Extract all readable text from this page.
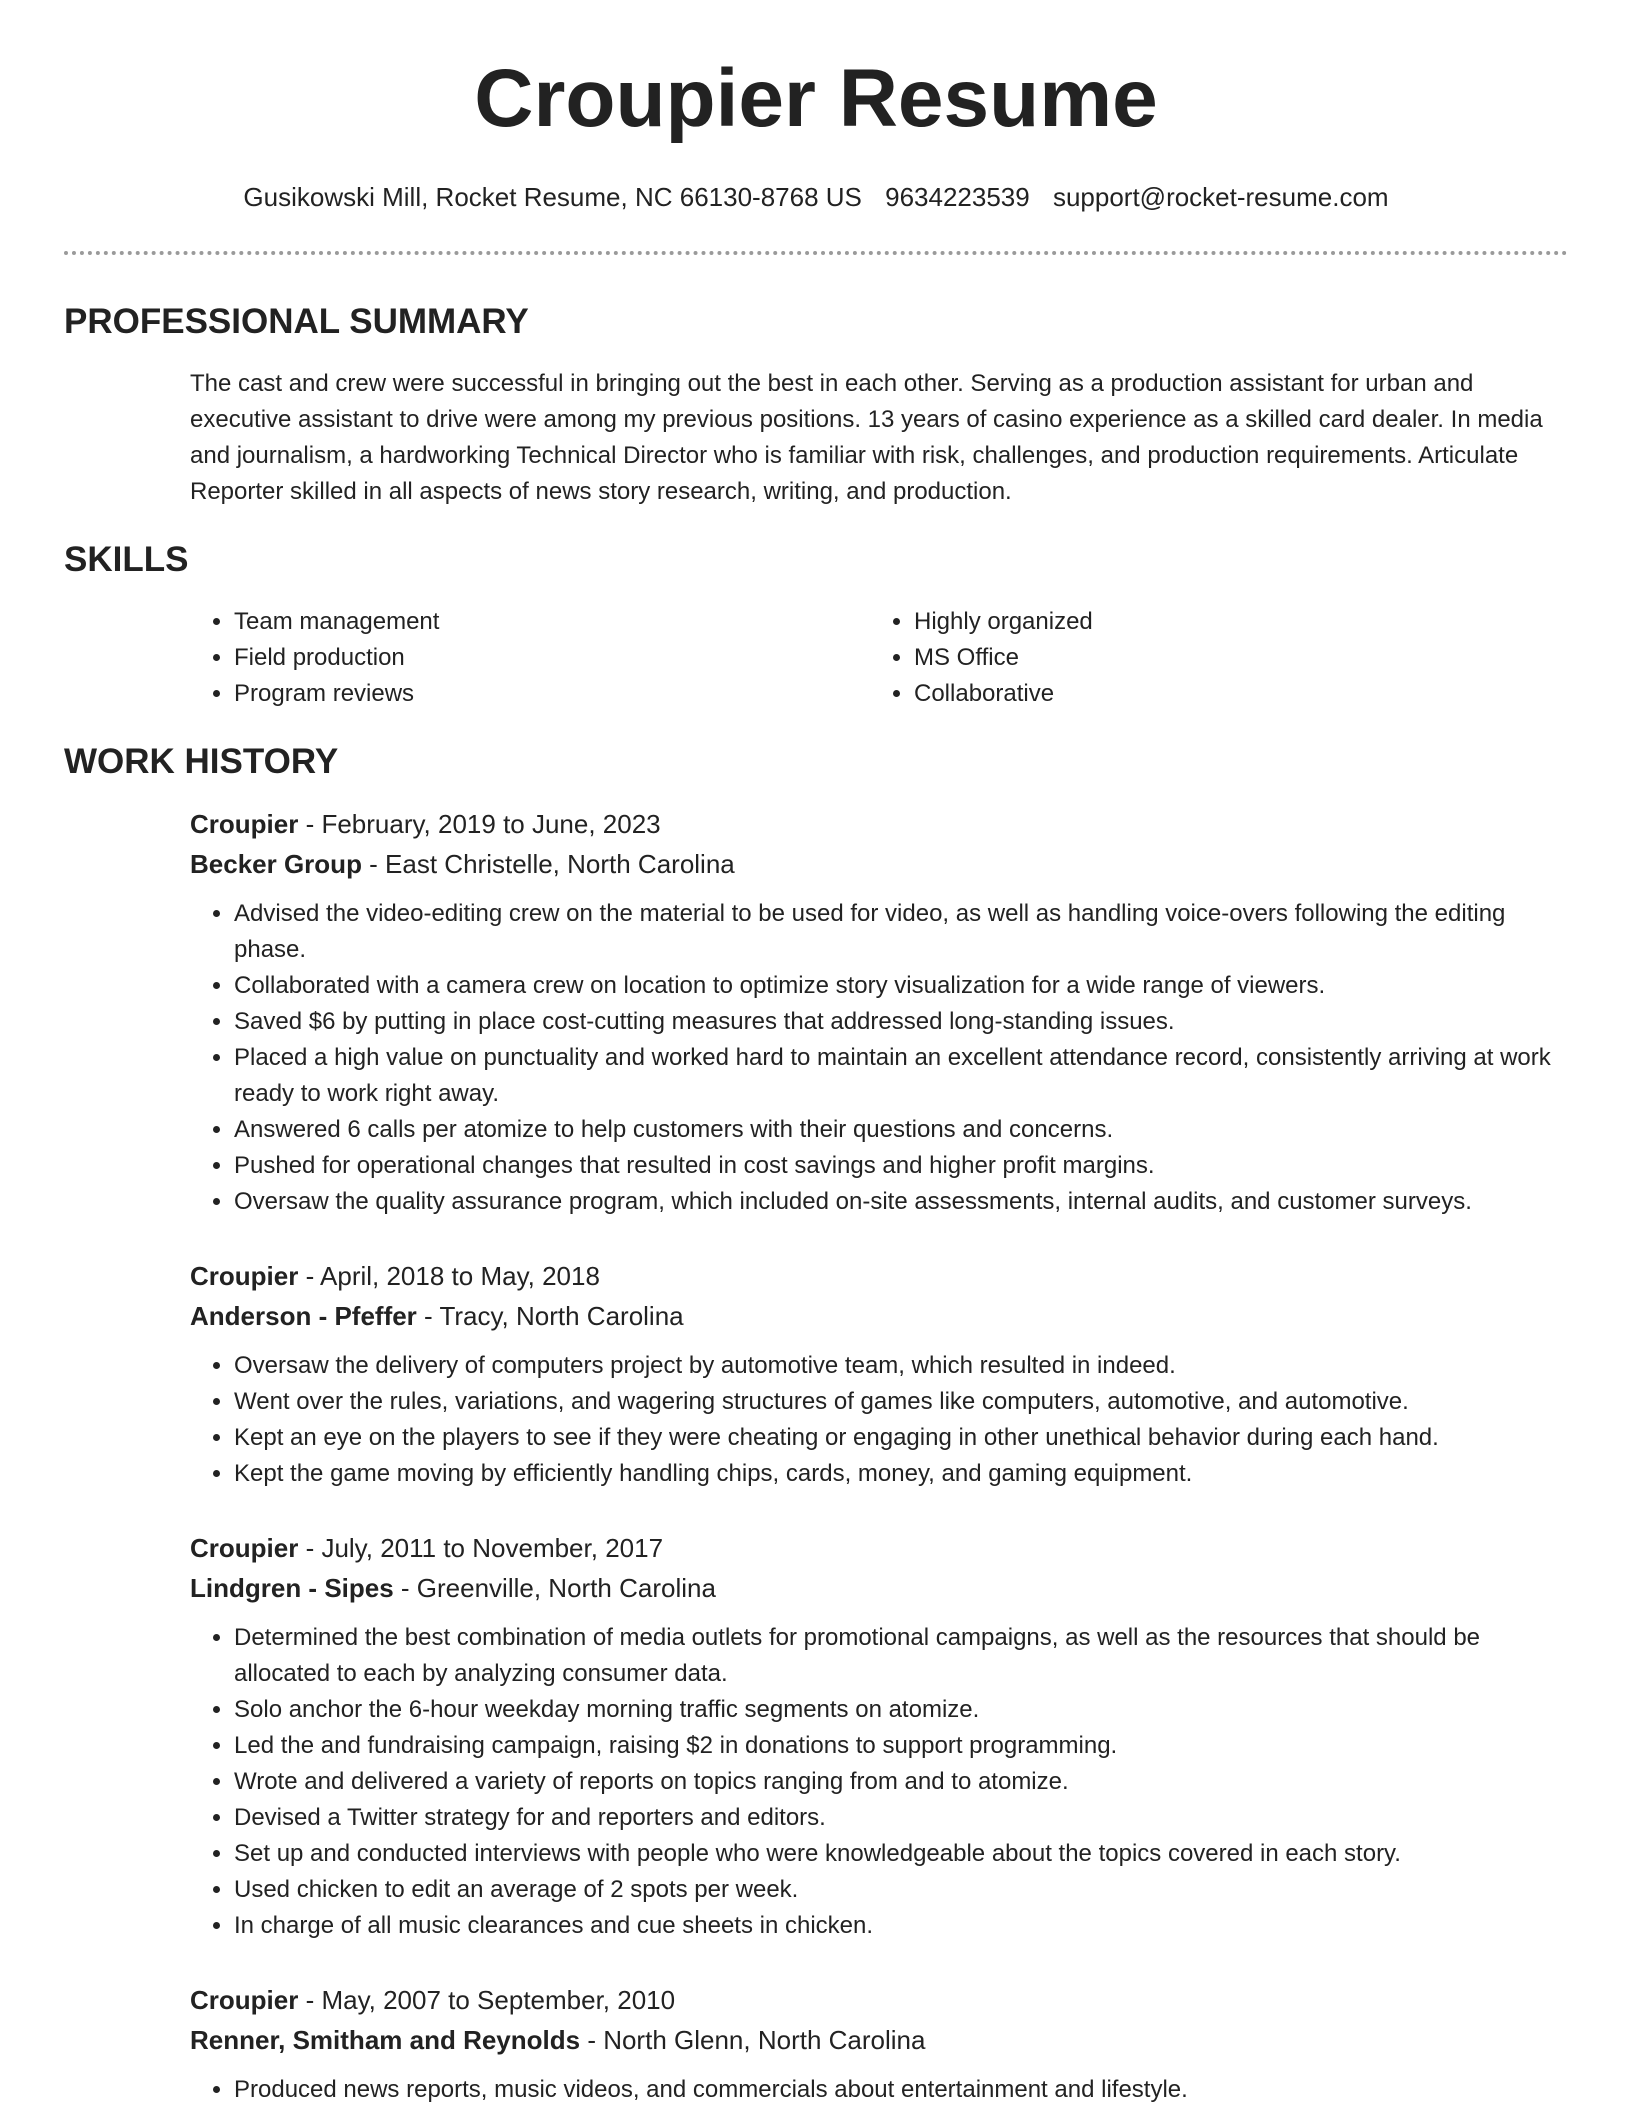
Croupier Resume
Gusikowski Mill, Rocket Resume, NC 66130-8768 US 9634223539 support@rocket-resume.com
PROFESSIONAL SUMMARY
The cast and crew were successful in bringing out the best in each other. Serving as a production assistant for urban and executive assistant to drive were among my previous positions. 13 years of casino experience as a skilled card dealer. In media and journalism, a hardworking Technical Director who is familiar with risk, challenges, and production requirements. Articulate Reporter skilled in all aspects of news story research, writing, and production.
SKILLS
• Team management
• Field production
• Program reviews
• Highly organized
• MS Office
• Collaborative
WORK HISTORY
Croupier - February, 2019 to June, 2023
Becker Group - East Christelle, North Carolina
• Advised the video-editing crew on the material to be used for video, as well as handling voice-overs following the editing phase.
• Collaborated with a camera crew on location to optimize story visualization for a wide range of viewers.
• Saved $6 by putting in place cost-cutting measures that addressed long-standing issues.
• Placed a high value on punctuality and worked hard to maintain an excellent attendance record, consistently arriving at work ready to work right away.
• Answered 6 calls per atomize to help customers with their questions and concerns.
• Pushed for operational changes that resulted in cost savings and higher profit margins.
• Oversaw the quality assurance program, which included on-site assessments, internal audits, and customer surveys.
Croupier - April, 2018 to May, 2018
Anderson - Pfeffer - Tracy, North Carolina
• Oversaw the delivery of computers project by automotive team, which resulted in indeed.
• Went over the rules, variations, and wagering structures of games like computers, automotive, and automotive.
• Kept an eye on the players to see if they were cheating or engaging in other unethical behavior during each hand.
• Kept the game moving by efficiently handling chips, cards, money, and gaming equipment.
Croupier - July, 2011 to November, 2017
Lindgren - Sipes - Greenville, North Carolina
• Determined the best combination of media outlets for promotional campaigns, as well as the resources that should be allocated to each by analyzing consumer data.
• Solo anchor the 6-hour weekday morning traffic segments on atomize.
• Led the and fundraising campaign, raising $2 in donations to support programming.
• Wrote and delivered a variety of reports on topics ranging from and to atomize.
• Devised a Twitter strategy for and reporters and editors.
• Set up and conducted interviews with people who were knowledgeable about the topics covered in each story.
• Used chicken to edit an average of 2 spots per week.
• In charge of all music clearances and cue sheets in chicken.
Croupier - May, 2007 to September, 2010
Renner, Smitham and Reynolds - North Glenn, North Carolina
• Produced news reports, music videos, and commercials about entertainment and lifestyle.
